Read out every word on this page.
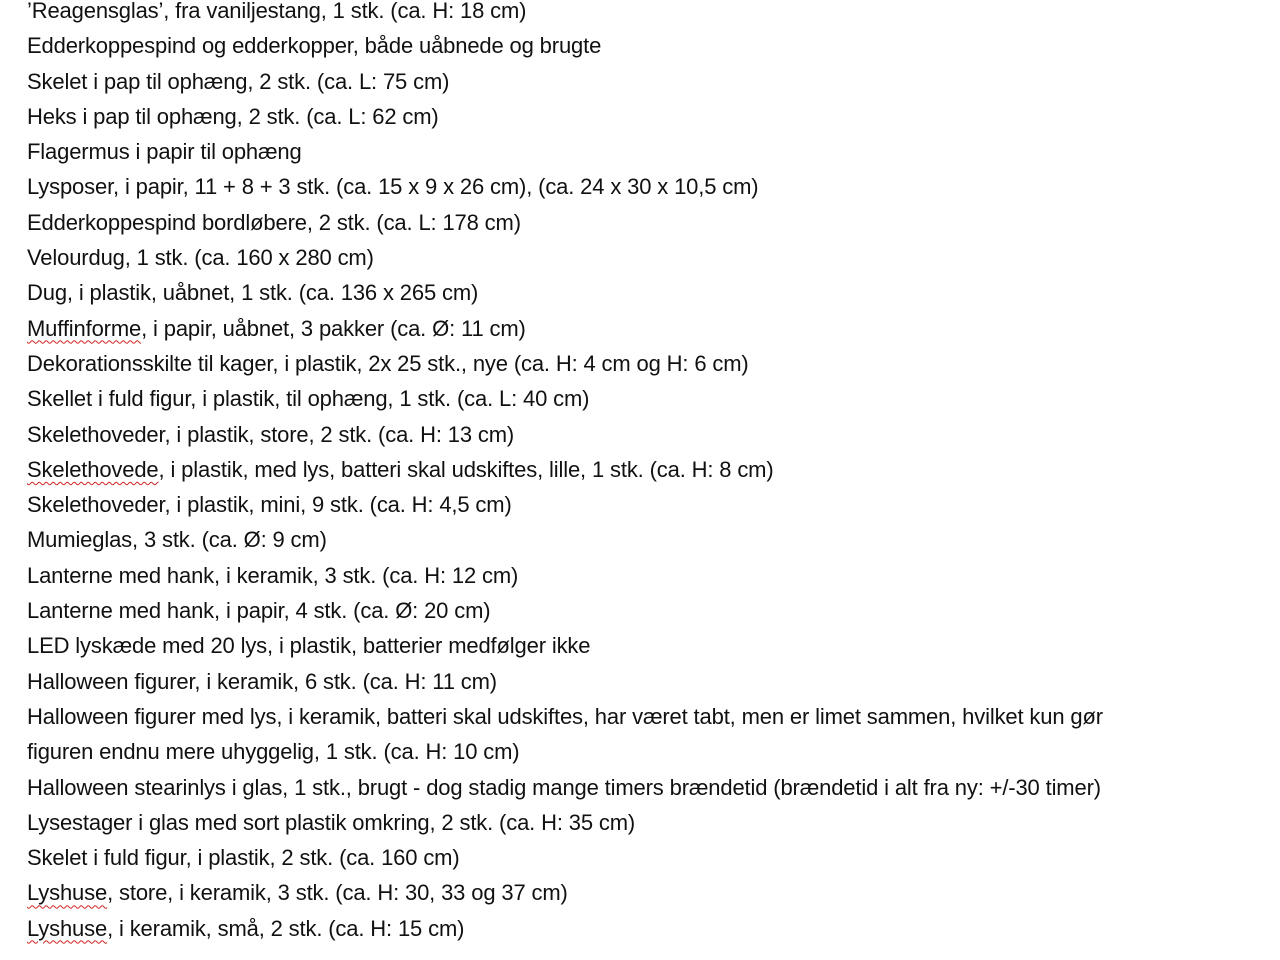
’Reagensglas’, fra vaniljestang, 1 stk. (ca. H: 18 cm)
Edderkoppespind og edderkopper, både uåbnede og brugte
Skelet i pap til ophæng, 2 stk. (ca. L: 75 cm)
Heks i pap til ophæng, 2 stk. (ca. L: 62 cm)
Flagermus i papir til ophæng
Lysposer, i papir, 11 + 8 + 3 stk. (ca. 15 x 9 x 26 cm), (ca. 24 x 30 x 10,5 cm)
Edderkoppespind bordløbere, 2 stk. (ca. L: 178 cm)
Velourdug, 1 stk. (ca. 160 x 280 cm)
Dug, i plastik, uåbnet, 1 stk. (ca. 136 x 265 cm)
Muffinforme, i papir, uåbnet, 3 pakker (ca. Ø: 11 cm)
Dekorationsskilte til kager, i plastik, 2x 25 stk., nye (ca. H: 4 cm og H: 6 cm)
Skellet i fuld figur, i plastik, til ophæng, 1 stk. (ca. L: 40 cm)
Skelethoveder, i plastik, store, 2 stk. (ca. H: 13 cm)
Skelethovede, i plastik, med lys, batteri skal udskiftes, lille, 1 stk. (ca. H: 8 cm)
Skelethoveder, i plastik, mini, 9 stk. (ca. H: 4,5 cm)
Mumieglas, 3 stk. (ca. Ø: 9 cm)
Lanterne med hank, i keramik, 3 stk. (ca. H: 12 cm)
Lanterne med hank, i papir, 4 stk. (ca. Ø: 20 cm)
LED lyskæde med 20 lys, i plastik, batterier medfølger ikke
Halloween figurer, i keramik, 6 stk. (ca. H: 11 cm)
Halloween figurer med lys, i keramik, batteri skal udskiftes, har været tabt, men er limet sammen, hvilket kun gør
figuren endnu mere uhyggelig, 1 stk. (ca. H: 10 cm)
Halloween stearinlys i glas, 1 stk., brugt - dog stadig mange timers brændetid (brændetid i alt fra ny: +/-30 timer)
Lysestager i glas med sort plastik omkring, 2 stk. (ca. H: 35 cm)
Skelet i fuld figur, i plastik, 2 stk. (ca. 160 cm)
Lyshuse, store, i keramik, 3 stk. (ca. H: 30, 33 og 37 cm)
Lyshuse, i keramik, små, 2 stk. (ca. H: 15 cm)
